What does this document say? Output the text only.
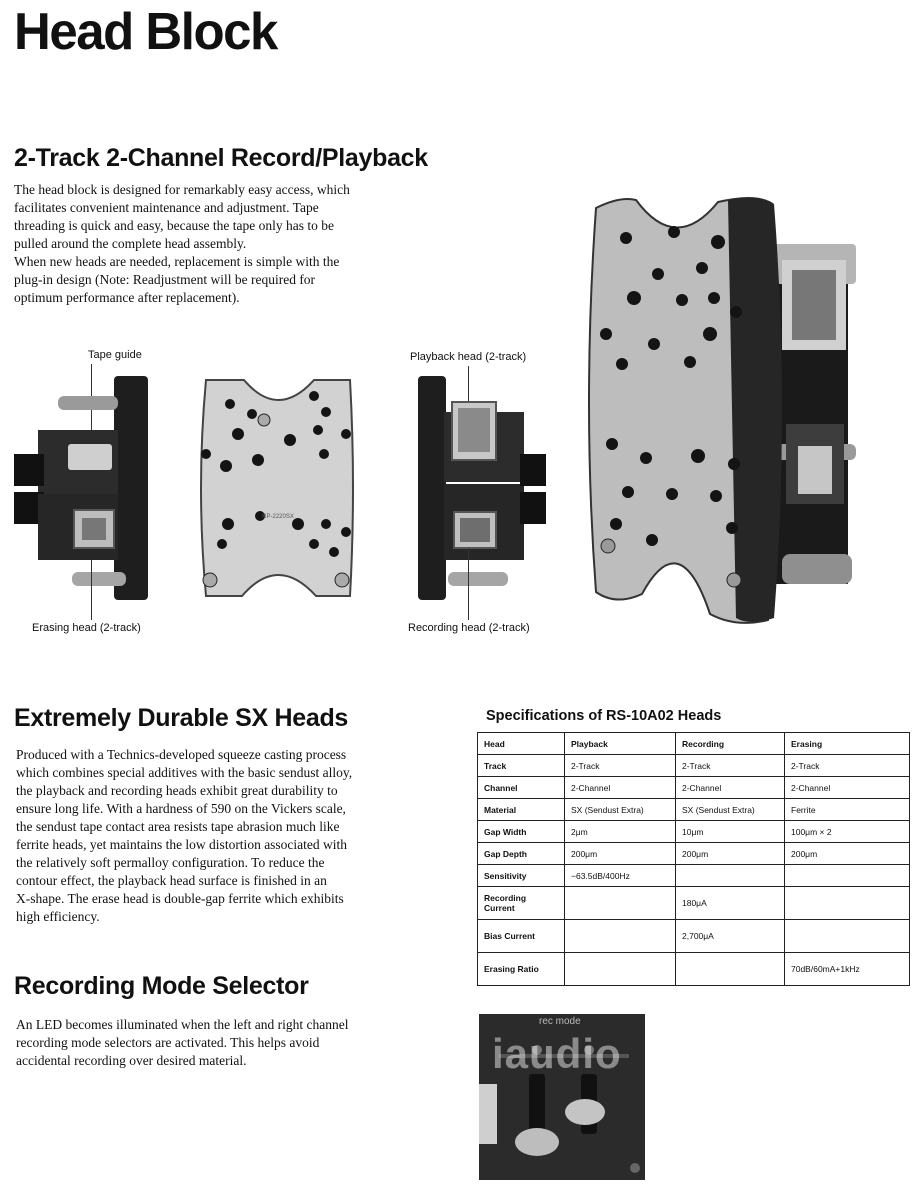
Head Block
2-Track 2-Channel Record/Playback
The head block is designed for remarkably easy access, which
facilitates convenient maintenance and adjustment. Tape
threading is quick and easy, because the tape only has to be
pulled around the complete head assembly.
When new heads are needed, replacement is simple with the
plug-in design (Note: Readjustment will be required for
optimum performance after replacement).
Tape guide
Erasing head (2-track)
RP-2220SX
Playback head (2-track)
Recording head (2-track)
Extremely Durable SX Heads
Produced with a Technics-developed squeeze casting process
which combines special additives with the basic sendust alloy,
the playback and recording heads exhibit great durability to
ensure long life. With a hardness of 590 on the Vickers scale,
the sendust tape contact area resists tape abrasion much like
ferrite heads, yet maintains the low distortion associated with
the relatively soft permalloy configuration. To reduce the
contour effect, the playback head surface is finished in an
X-shape. The erase head is double-gap ferrite which exhibits
high efficiency.
Specifications of RS-10A02 Heads
Head	Playback	Recording	Erasing
Track	2-Track	2-Track	2-Track
Channel	2-Channel	2-Channel	2-Channel
Material	SX (Sendust Extra)	SX (Sendust Extra)	Ferrite
Gap Width	2μm	10μm	100μm × 2
Gap Depth	200μm	200μm	200μm
Sensitivity	−63.5dB/400Hz		
Recording Current		180μA	
Bias Current		2,700μA	
Erasing Ratio			70dB/60mA+1kHz
Recording Mode Selector
An LED becomes illuminated when the left and right channel
recording mode selectors are activated. This helps avoid
accidental recording over desired material.
rec mode
iaudio
